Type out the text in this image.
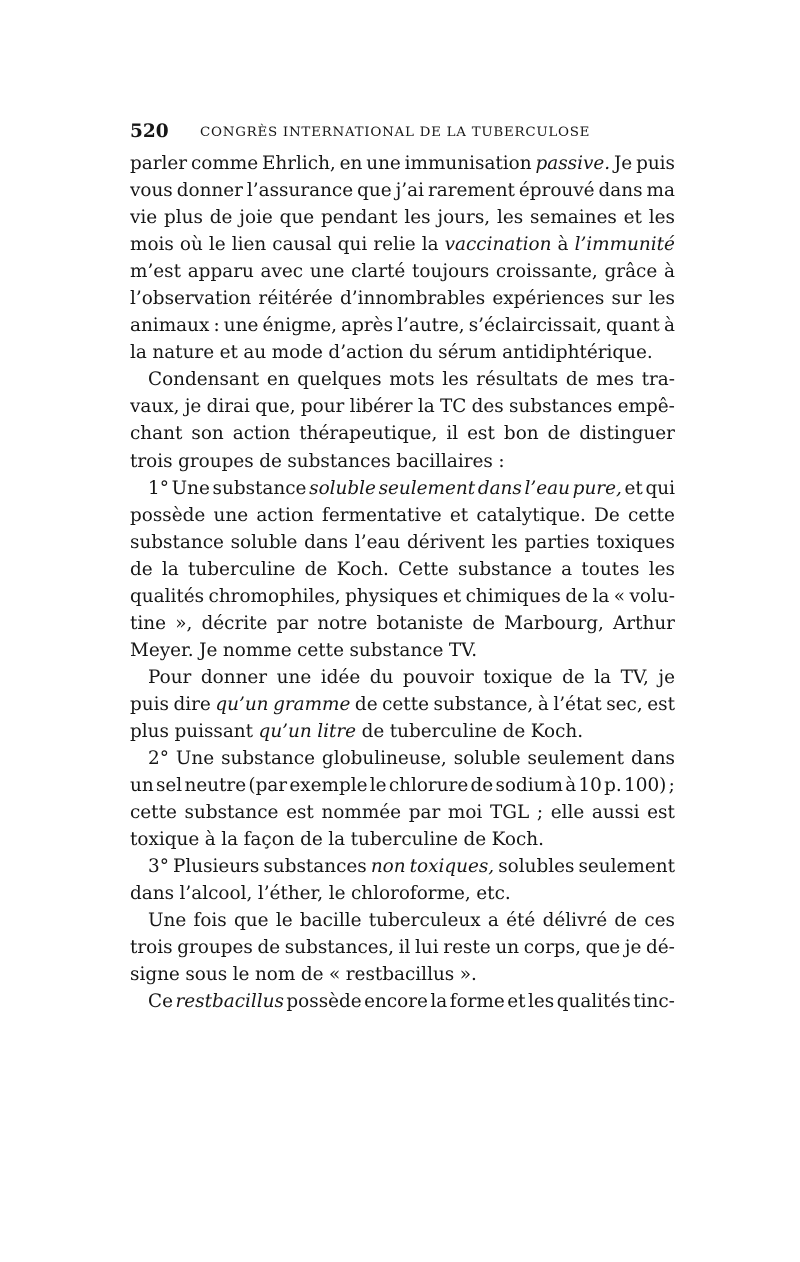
520 CONGRÈS INTERNATIONAL DE LA TUBERCULOSE
parler comme Ehrlich, en une immunisation passive. Je puis
vous donner l’assurance que j’ai rarement éprouvé dans ma
vie plus de joie que pendant les jours, les semaines et les
mois où le lien causal qui relie la vaccination à l’immunité
m’est apparu avec une clarté toujours croissante, grâce à
l’observation réitérée d’innombrables expériences sur les
animaux : une énigme, après l’autre, s’éclaircissait, quant à
la nature et au mode d’action du sérum antidiphtérique.
Condensant en quelques mots les résultats de mes tra-
vaux, je dirai que, pour libérer la TC des substances empê-
chant son action thérapeutique, il est bon de distinguer
trois groupes de substances bacillaires :
1° Une substance soluble seulement dans l’eau pure, et qui
possède une action fermentative et catalytique. De cette
substance soluble dans l’eau dérivent les parties toxiques
de la tuberculine de Koch. Cette substance a toutes les
qualités chromophiles, physiques et chimiques de la « volu-
tine », décrite par notre botaniste de Marbourg, Arthur
Meyer. Je nomme cette substance TV.
Pour donner une idée du pouvoir toxique de la TV, je
puis dire qu’un gramme de cette substance, à l’état sec, est
plus puissant qu’un litre de tuberculine de Koch.
2° Une substance globulineuse, soluble seulement dans
un sel neutre (par exemple le chlorure de sodium à 10 p. 100) ;
cette substance est nommée par moi TGL ; elle aussi est
toxique à la façon de la tuberculine de Koch.
3° Plusieurs substances non toxiques, solubles seulement
dans l’alcool, l’éther, le chloroforme, etc.
Une fois que le bacille tuberculeux a été délivré de ces
trois groupes de substances, il lui reste un corps, que je dé-
signe sous le nom de « restbacillus ».
Ce restbacillus possède encore la forme et les qualités tinc-
